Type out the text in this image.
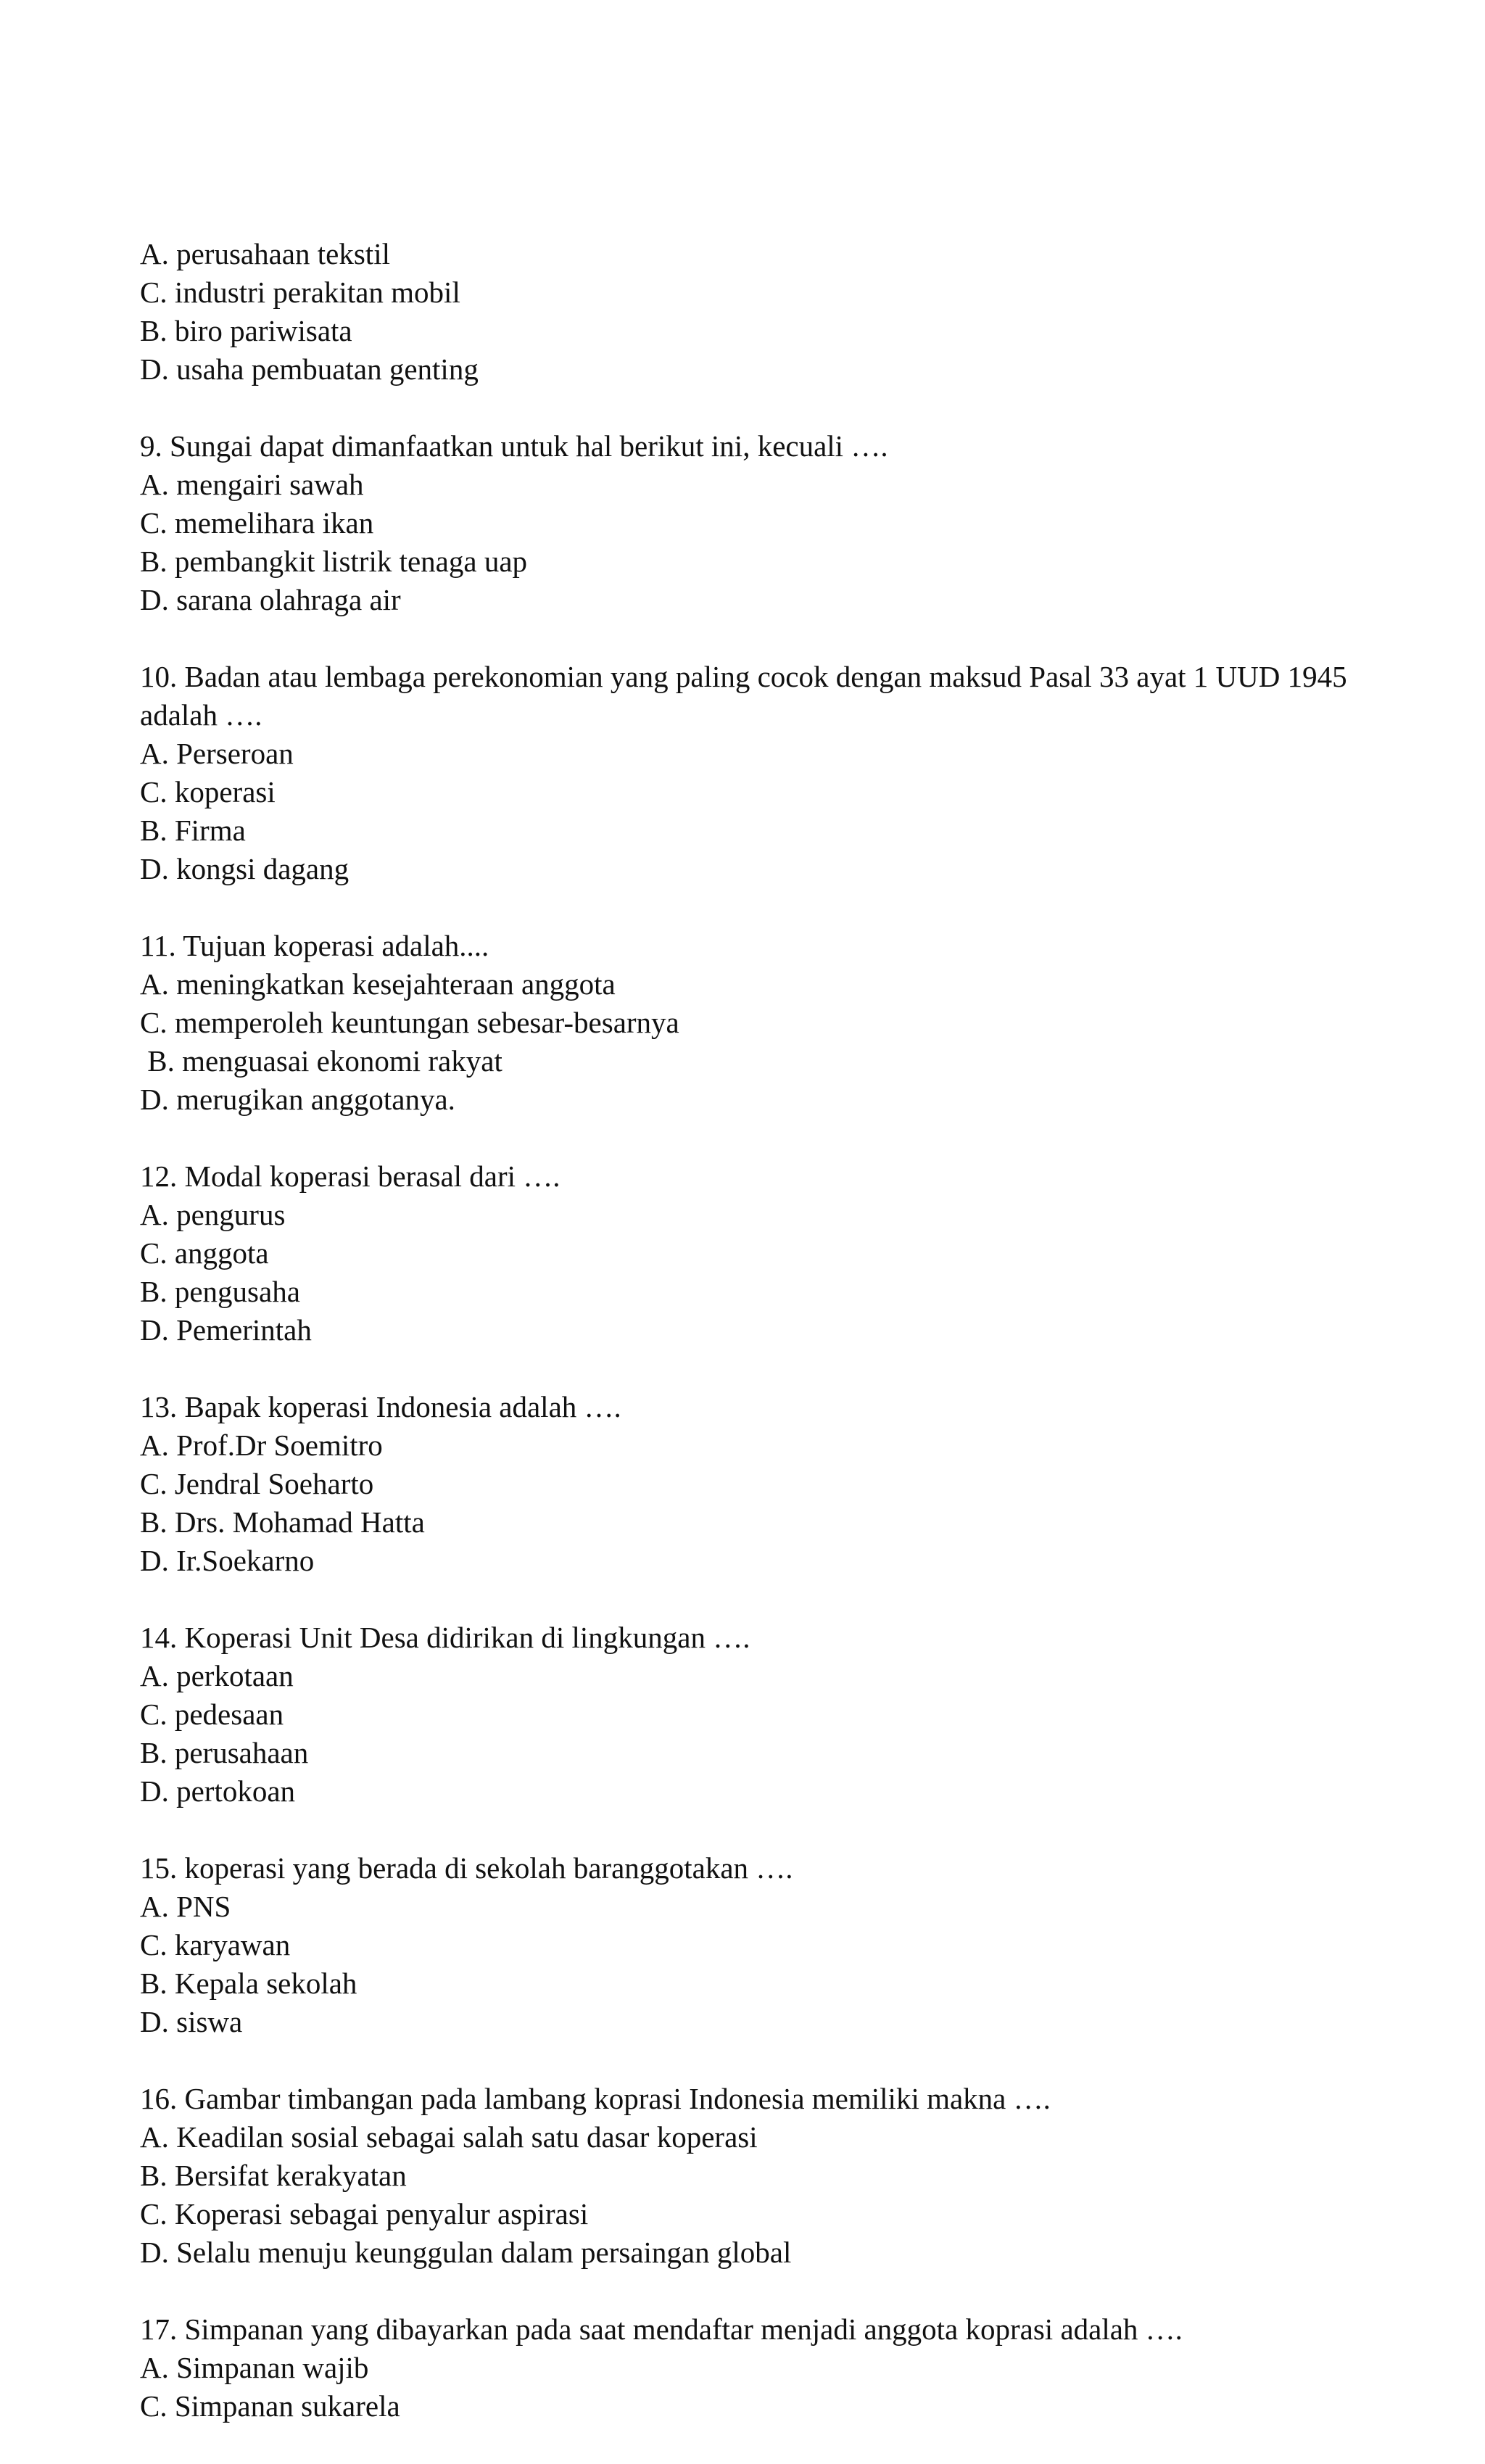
A. perusahaan tekstil
C. industri perakitan mobil
B. biro pariwisata
D. usaha pembuatan genting
9. Sungai dapat dimanfaatkan untuk hal berikut ini, kecuali ….
A. mengairi sawah
C. memelihara ikan
B. pembangkit listrik tenaga uap
D. sarana olahraga air
10. Badan atau lembaga perekonomian yang paling cocok dengan maksud Pasal 33 ayat 1 UUD 1945 adalah ….
A. Perseroan
C. koperasi
B. Firma
D. kongsi dagang
11. Tujuan koperasi adalah....
A. meningkatkan kesejahteraan anggota
C. memperoleh keuntungan sebesar-besarnya
B. menguasai ekonomi rakyat
D. merugikan anggotanya.
12. Modal koperasi berasal dari ….
A. pengurus
C. anggota
B. pengusaha
D. Pemerintah
13. Bapak koperasi Indonesia adalah ….
A. Prof.Dr Soemitro
C. Jendral Soeharto
B. Drs. Mohamad Hatta
D. Ir.Soekarno
14. Koperasi Unit Desa didirikan di lingkungan ….
A. perkotaan
C. pedesaan
B. perusahaan
D. pertokoan
15. koperasi yang berada di sekolah baranggotakan ….
A. PNS
C. karyawan
B. Kepala sekolah
D. siswa
16. Gambar timbangan pada lambang koprasi Indonesia memiliki makna ….
A. Keadilan sosial sebagai salah satu dasar koperasi
B. Bersifat kerakyatan
C. Koperasi sebagai penyalur aspirasi
D. Selalu menuju keunggulan dalam persaingan global
17. Simpanan yang dibayarkan pada saat mendaftar menjadi anggota koprasi adalah ….
A. Simpanan wajib
C. Simpanan sukarela
